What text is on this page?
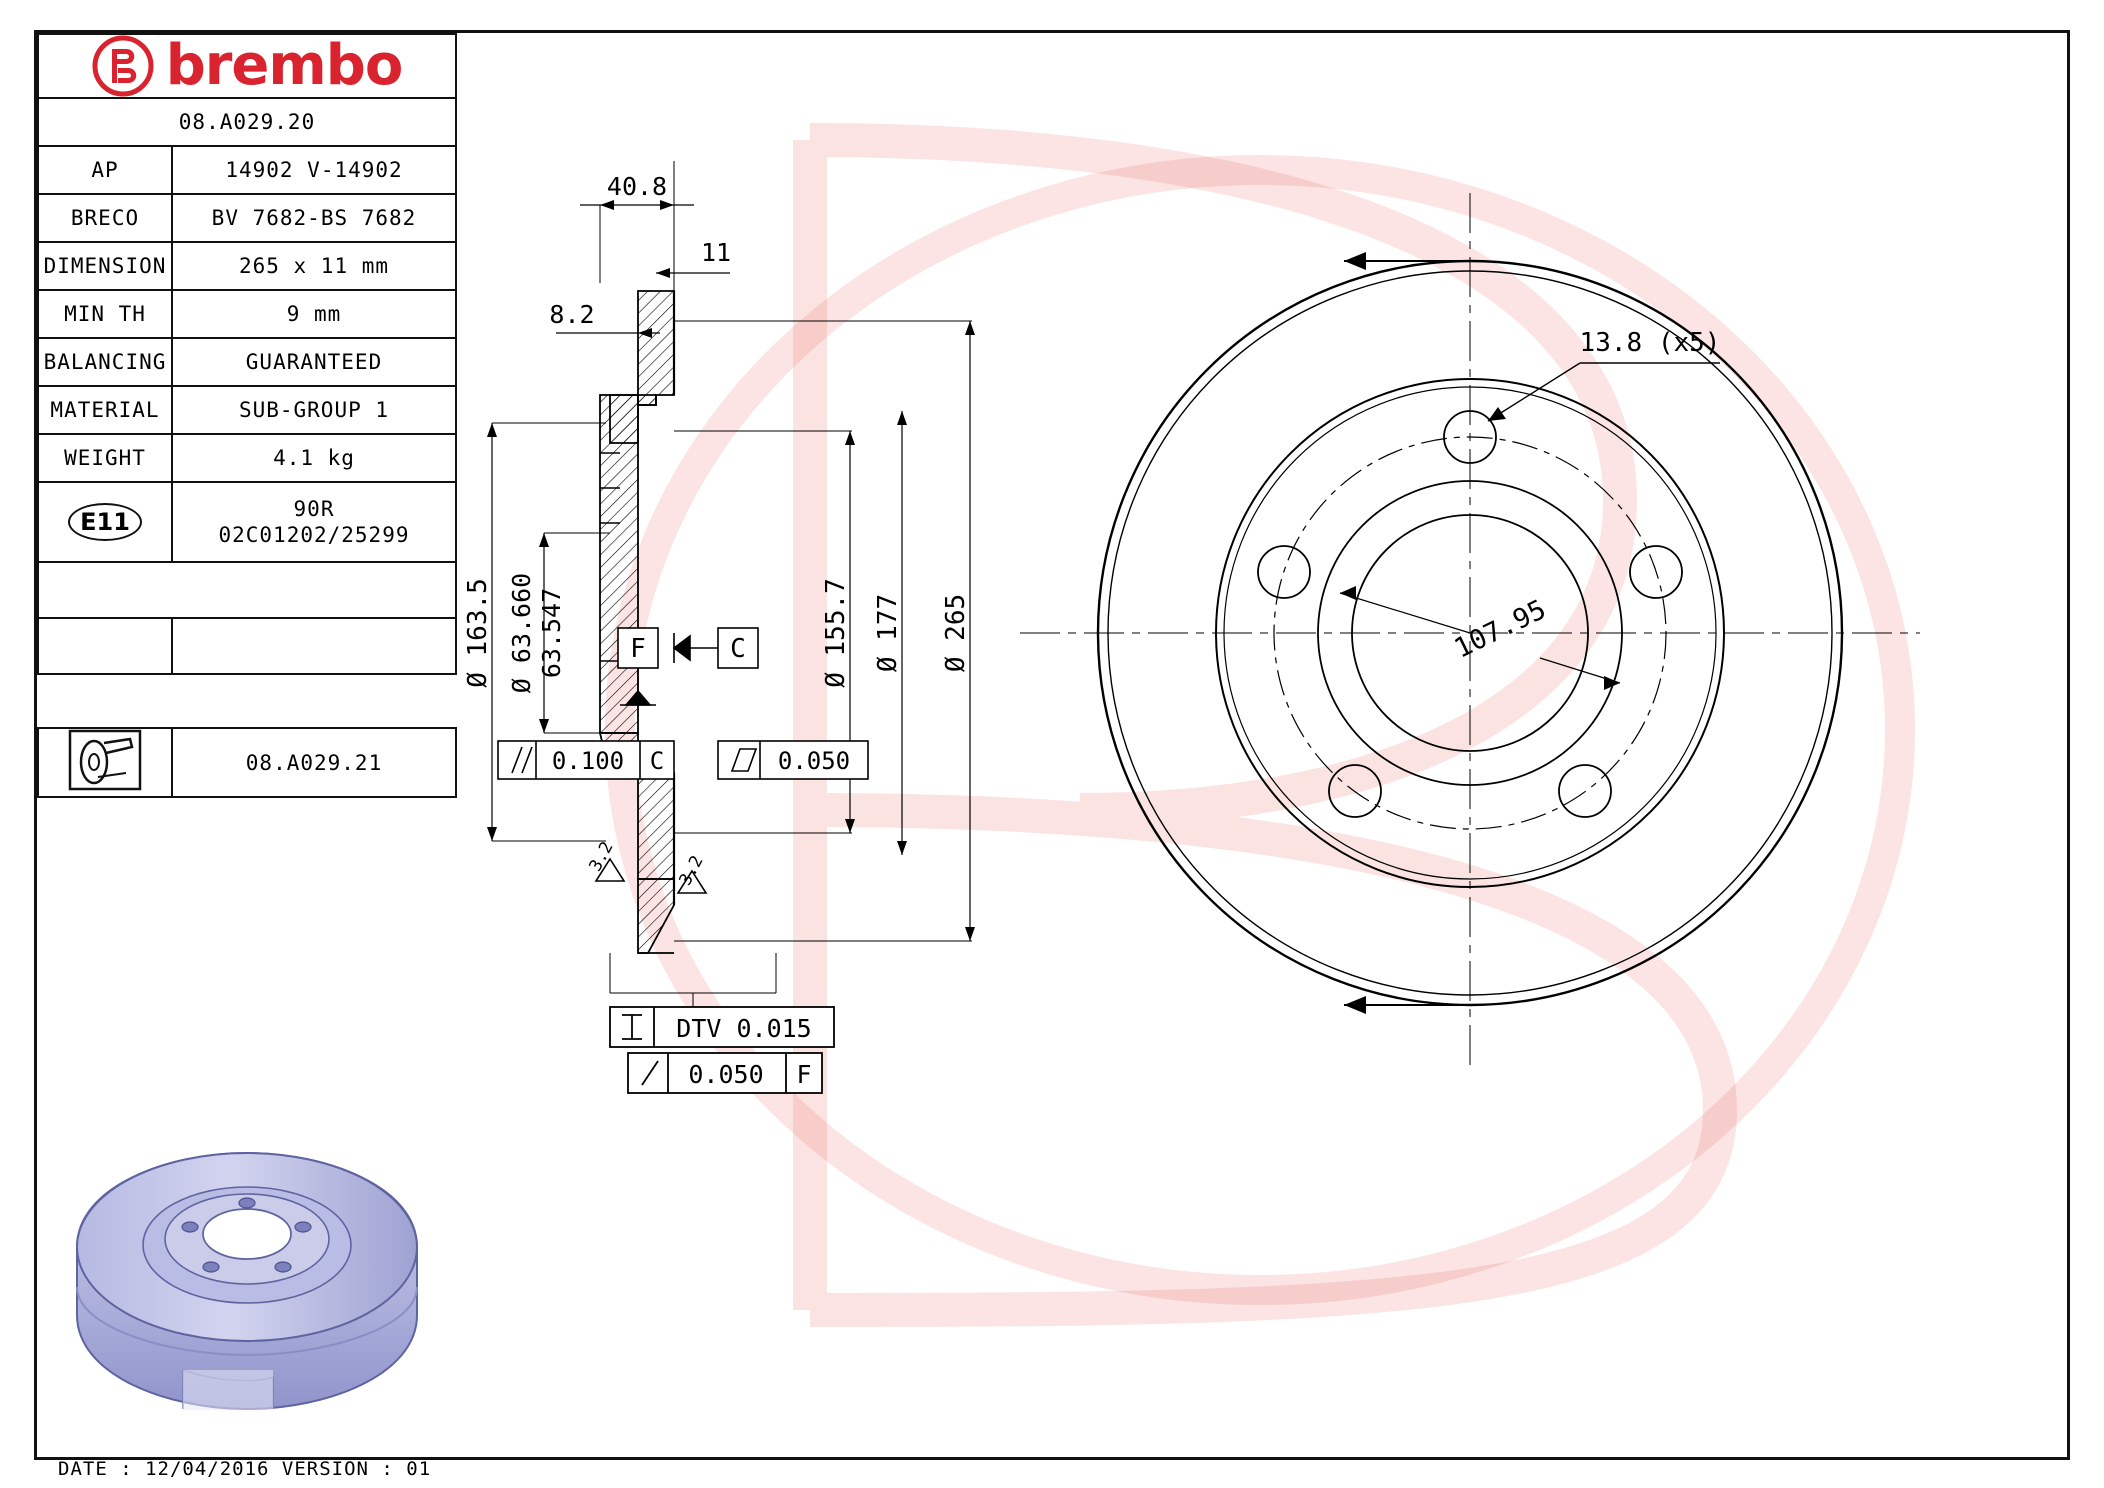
brembo	

08.A029.20	
AP	14902 V-14902
BRECO	BV 7682-BS 7682
DIMENSION	265 x 11 mm
MIN TH	9 mm
BALANCING	GUARANTEED
MATERIAL	SUB-GROUP 1
WEIGHT	4.1 kg
E11	90R
02C01202/25299

	08.A029.21
DATE : 12/04/2016 VERSION : 01
40.8
11
8.2
Ø 163.5 Ø 63.660 63.547 F	C	Ø 155.7 Ø 177 Ø 265
0.100 C	0.050
3.2	3.2
DTV 0.015
0.050 F
13.8 (x5)
107.95
